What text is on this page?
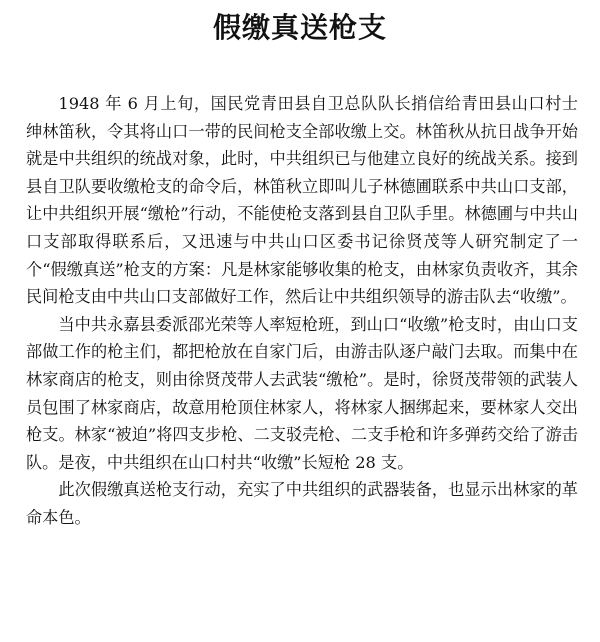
假缴真送枪支

1948 年 6 月上旬，国民党青田县自卫总队队长捎信给青田县山口村士绅林笛秋，令其将山口一带的民间枪支全部收缴上交。林笛秋从抗日战争开始就是中共组织的统战对象，此时，中共组织已与他建立良好的统战关系。接到县自卫队要收缴枪支的命令后，林笛秋立即叫儿子林德圃联系中共山口支部，让中共组织开展“缴枪”行动，不能使枪支落到县自卫队手里。林德圃与中共山口支部取得联系后，又迅速与中共山口区委书记徐贤茂等人研究制定了一个“假缴真送”枪支的方案：凡是林家能够收集的枪支，由林家负责收齐，其余民间枪支由中共山口支部做好工作，然后让中共组织领导的游击队去“收缴”。

当中共永嘉县委派邵光荣等人率短枪班，到山口“收缴”枪支时，由山口支部做工作的枪主们，都把枪放在自家门后，由游击队逐户敲门去取。而集中在林家商店的枪支，则由徐贤茂带人去武装“缴枪”。是时，徐贤茂带领的武装人员包围了林家商店，故意用枪顶住林家人，将林家人捆绑起来，要林家人交出枪支。林家“被迫”将四支步枪、二支驳壳枪、二支手枪和许多弹药交给了游击队。是夜，中共组织在山口村共“收缴”长短枪 28 支。

此次假缴真送枪支行动，充实了中共组织的武器装备，也显示出林家的革命本色。
